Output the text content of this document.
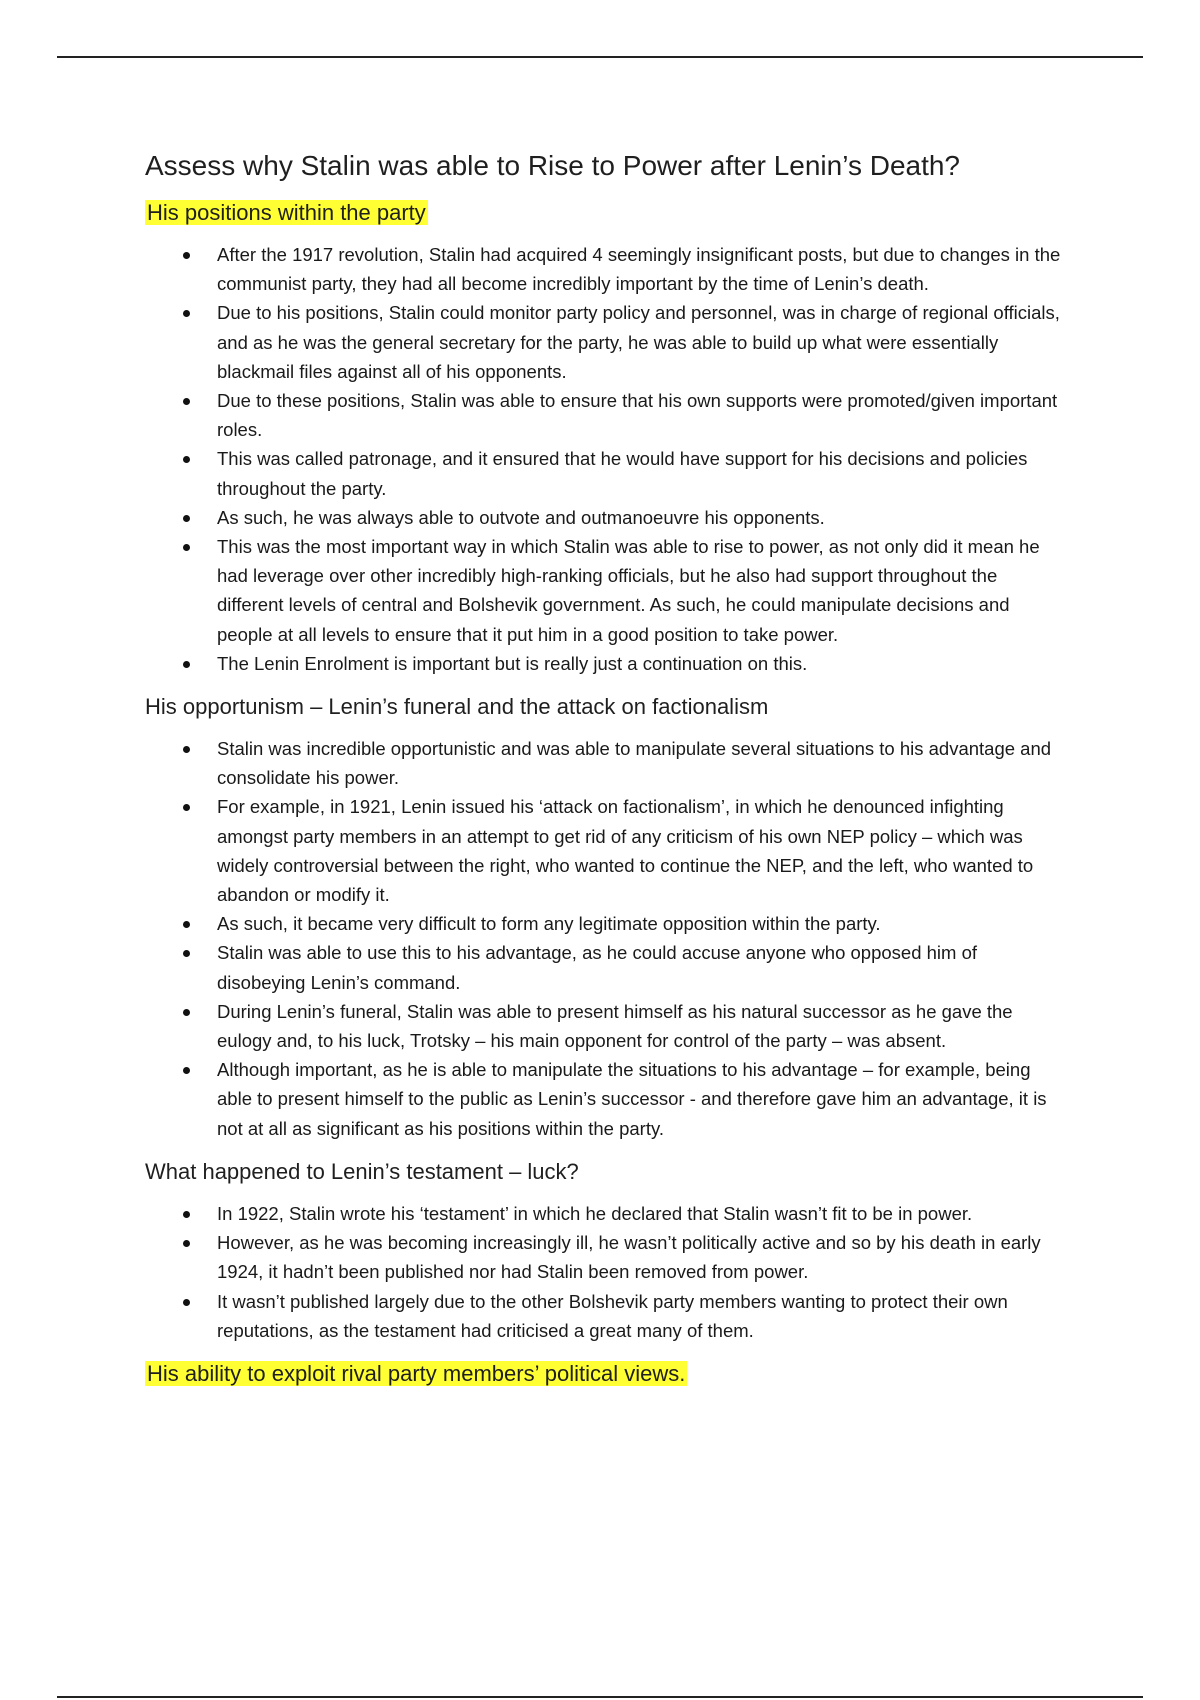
Assess why Stalin was able to Rise to Power after Lenin’s Death?
His positions within the party
After the 1917 revolution, Stalin had acquired 4 seemingly insignificant posts, but due to changes in the communist party, they had all become incredibly important by the time of Lenin’s death.
Due to his positions, Stalin could monitor party policy and personnel, was in charge of regional officials, and as he was the general secretary for the party, he was able to build up what were essentially blackmail files against all of his opponents.
Due to these positions, Stalin was able to ensure that his own supports were promoted/given important roles.
This was called patronage, and it ensured that he would have support for his decisions and policies throughout the party.
As such, he was always able to outvote and outmanoeuvre his opponents.
This was the most important way in which Stalin was able to rise to power, as not only did it mean he had leverage over other incredibly high-ranking officials, but he also had support throughout the different levels of central and Bolshevik government. As such, he could manipulate decisions and people at all levels to ensure that it put him in a good position to take power.
The Lenin Enrolment is important but is really just a continuation on this.
His opportunism – Lenin’s funeral and the attack on factionalism
Stalin was incredible opportunistic and was able to manipulate several situations to his advantage and consolidate his power.
For example, in 1921, Lenin issued his ‘attack on factionalism’, in which he denounced infighting amongst party members in an attempt to get rid of any criticism of his own NEP policy – which was widely controversial between the right, who wanted to continue the NEP, and the left, who wanted to abandon or modify it.
As such, it became very difficult to form any legitimate opposition within the party.
Stalin was able to use this to his advantage, as he could accuse anyone who opposed him of disobeying Lenin’s command.
During Lenin’s funeral, Stalin was able to present himself as his natural successor as he gave the eulogy and, to his luck, Trotsky – his main opponent for control of the party – was absent.
Although important, as he is able to manipulate the situations to his advantage – for example, being able to present himself to the public as Lenin’s successor - and therefore gave him an advantage, it is not at all as significant as his positions within the party.
What happened to Lenin’s testament – luck?
In 1922, Stalin wrote his ‘testament’ in which he declared that Stalin wasn’t fit to be in power.
However, as he was becoming increasingly ill, he wasn’t politically active and so by his death in early 1924, it hadn’t been published nor had Stalin been removed from power.
It wasn’t published largely due to the other Bolshevik party members wanting to protect their own reputations, as the testament had criticised a great many of them.
His ability to exploit rival party members’ political views.
